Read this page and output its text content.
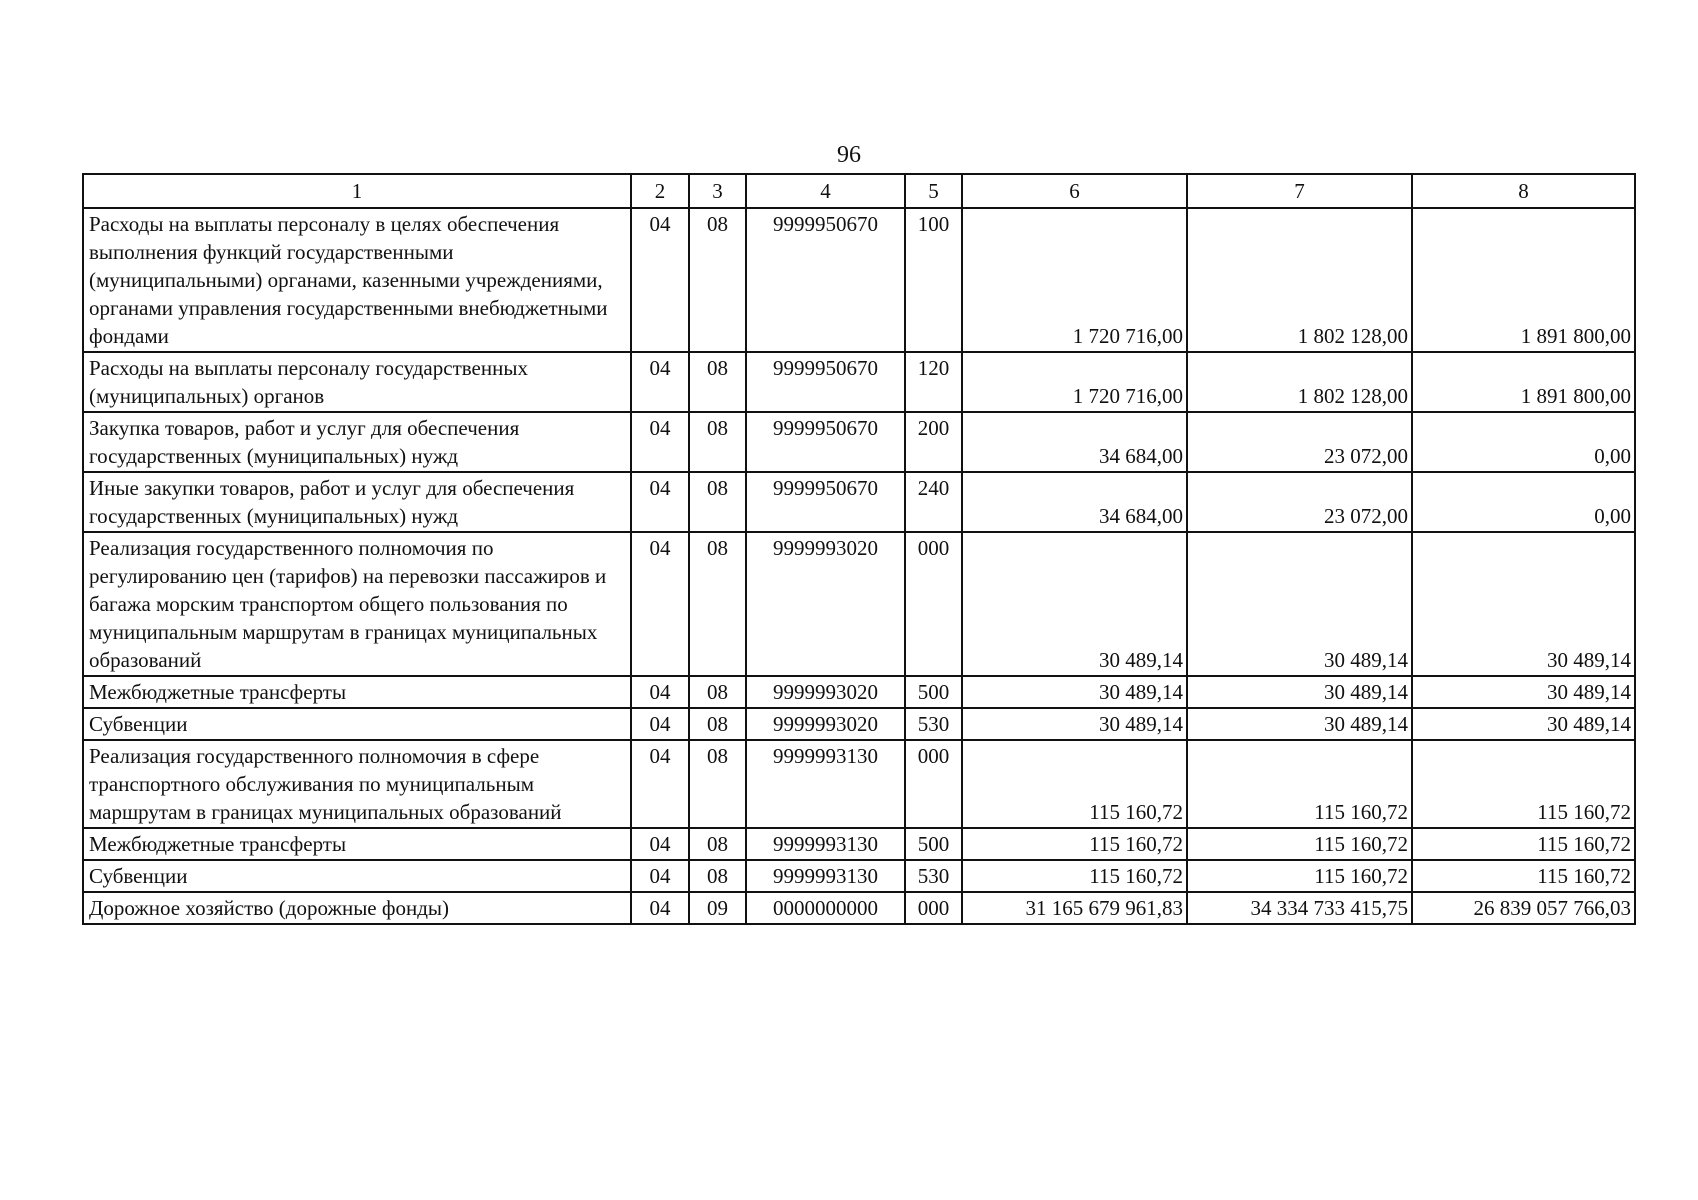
96
1	2	3	4	5	6	7	8
Расходы на выплаты персоналу в целях обеспечения выполнения функций государственными (муниципальными) органами, казенными учреждениями, органами управления государственными внебюджетными фондами	04	08	9999950670	100	1 720 716,00	1 802 128,00	1 891 800,00
Расходы на выплаты персоналу государственных (муниципальных) органов	04	08	9999950670	120	1 720 716,00	1 802 128,00	1 891 800,00
Закупка товаров, работ и услуг для обеспечения государственных (муниципальных) нужд	04	08	9999950670	200	34 684,00	23 072,00	0,00
Иные закупки товаров, работ и услуг для обеспечения государственных (муниципальных) нужд	04	08	9999950670	240	34 684,00	23 072,00	0,00
Реализация государственного полномочия по регулированию цен (тарифов) на перевозки пассажиров и багажа морским транспортом общего пользования по муниципальным маршрутам в границах муниципальных образований	04	08	9999993020	000	30 489,14	30 489,14	30 489,14
Межбюджетные трансферты	04	08	9999993020	500	30 489,14	30 489,14	30 489,14
Субвенции	04	08	9999993020	530	30 489,14	30 489,14	30 489,14
Реализация государственного полномочия в сфере транспортного обслуживания по муниципальным маршрутам в границах муниципальных образований	04	08	9999993130	000	115 160,72	115 160,72	115 160,72
Межбюджетные трансферты	04	08	9999993130	500	115 160,72	115 160,72	115 160,72
Субвенции	04	08	9999993130	530	115 160,72	115 160,72	115 160,72
Дорожное хозяйство (дорожные фонды)	04	09	0000000000	000	31 165 679 961,83	34 334 733 415,75	26 839 057 766,03
